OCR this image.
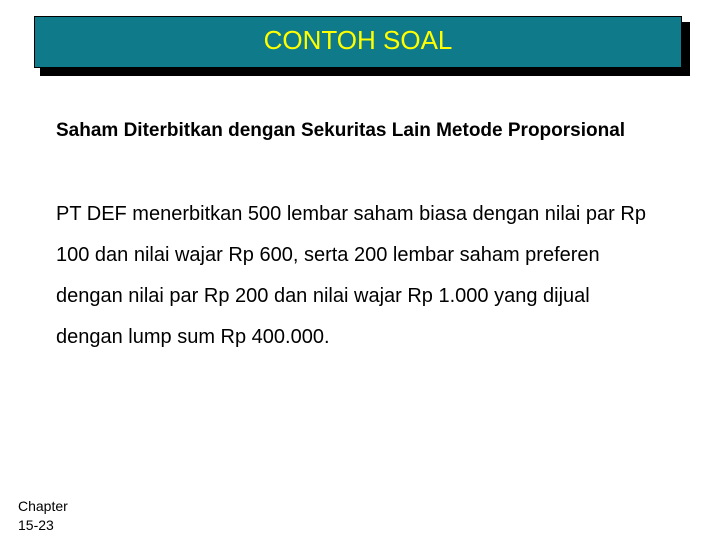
CONTOH SOAL
Saham Diterbitkan dengan Sekuritas Lain Metode Proporsional
PT DEF menerbitkan 500 lembar saham biasa dengan nilai par Rp 100 dan nilai wajar Rp 600, serta 200 lembar saham preferen dengan nilai par Rp 200 dan nilai wajar Rp 1.000 yang dijual dengan lump sum Rp 400.000.
Chapter 15-23
